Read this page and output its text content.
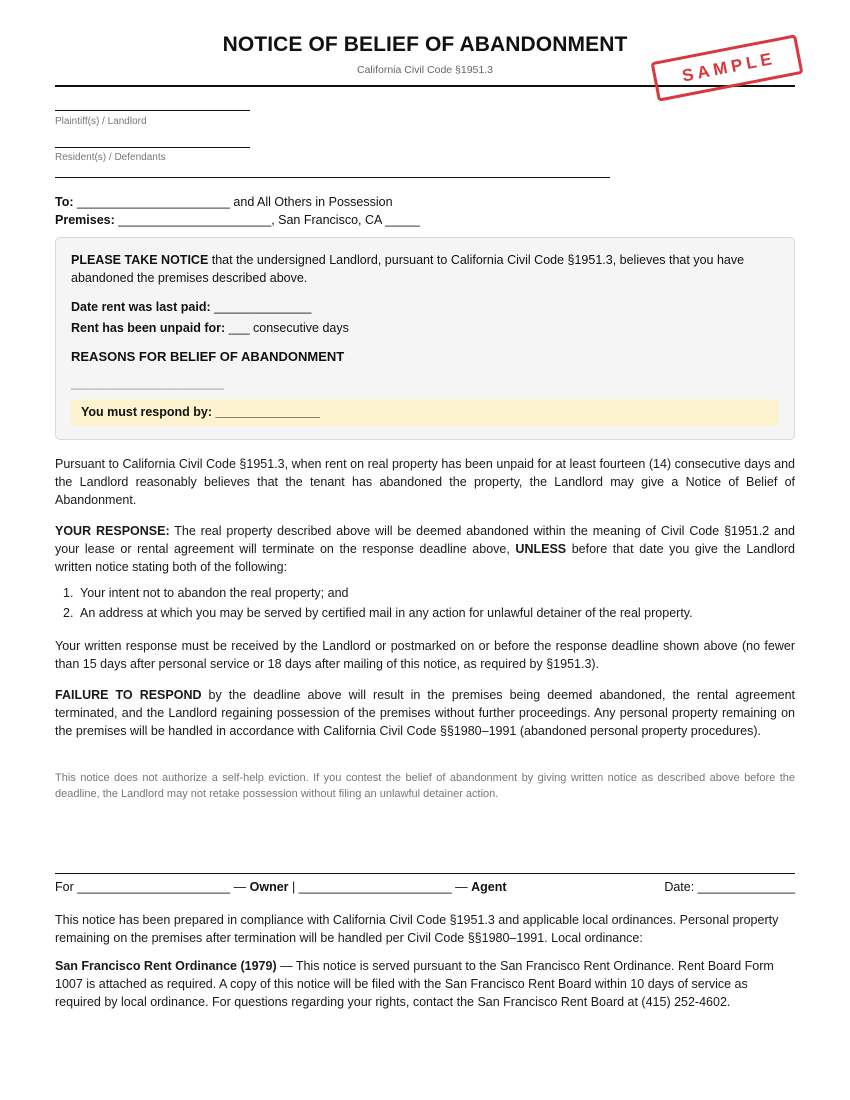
NOTICE OF BELIEF OF ABANDONMENT
California Civil Code §1951.3	SAMPLE
Plaintiff(s) / Landlord
Resident(s) / Defendants
To: ______________________ and All Others in Possession
Premises: ______________________, San Francisco, CA _____
PLEASE TAKE NOTICE that the undersigned Landlord, pursuant to California Civil Code §1951.3, believes that you have abandoned the premises described above.
Date rent was last paid: ______________
Rent has been unpaid for: ___ consecutive days
REASONS FOR BELIEF OF ABANDONMENT
______________________
You must respond by: _______________
Pursuant to California Civil Code §1951.3, when rent on real property has been unpaid for at least fourteen (14) consecutive days and the Landlord reasonably believes that the tenant has abandoned the property, the Landlord may give a Notice of Belief of Abandonment.
YOUR RESPONSE: The real property described above will be deemed abandoned within the meaning of Civil Code §1951.2 and your lease or rental agreement will terminate on the response deadline above, UNLESS before that date you give the Landlord written notice stating both of the following:
1. Your intent not to abandon the real property; and
2. An address at which you may be served by certified mail in any action for unlawful detainer of the real property.
Your written response must be received by the Landlord or postmarked on or before the response deadline shown above (no fewer than 15 days after personal service or 18 days after mailing of this notice, as required by §1951.3).
FAILURE TO RESPOND by the deadline above will result in the premises being deemed abandoned, the rental agreement terminated, and the Landlord regaining possession of the premises without further proceedings. Any personal property remaining on the premises will be handled in accordance with California Civil Code §§1980–1991 (abandoned personal property procedures).
This notice does not authorize a self-help eviction. If you contest the belief of abandonment by giving written notice as described above before the deadline, the Landlord may not retake possession without filing an unlawful detainer action.
For ______________________ — Owner | ______________________ — Agent	Date: ______________
This notice has been prepared in compliance with California Civil Code §1951.3 and applicable local ordinances. Personal property remaining on the premises after termination will be handled per Civil Code §§1980–1991. Local ordinance:
San Francisco Rent Ordinance (1979) — This notice is served pursuant to the San Francisco Rent Ordinance. Rent Board Form 1007 is attached as required. A copy of this notice will be filed with the San Francisco Rent Board within 10 days of service as required by local ordinance. For questions regarding your rights, contact the San Francisco Rent Board at (415) 252-4602.
